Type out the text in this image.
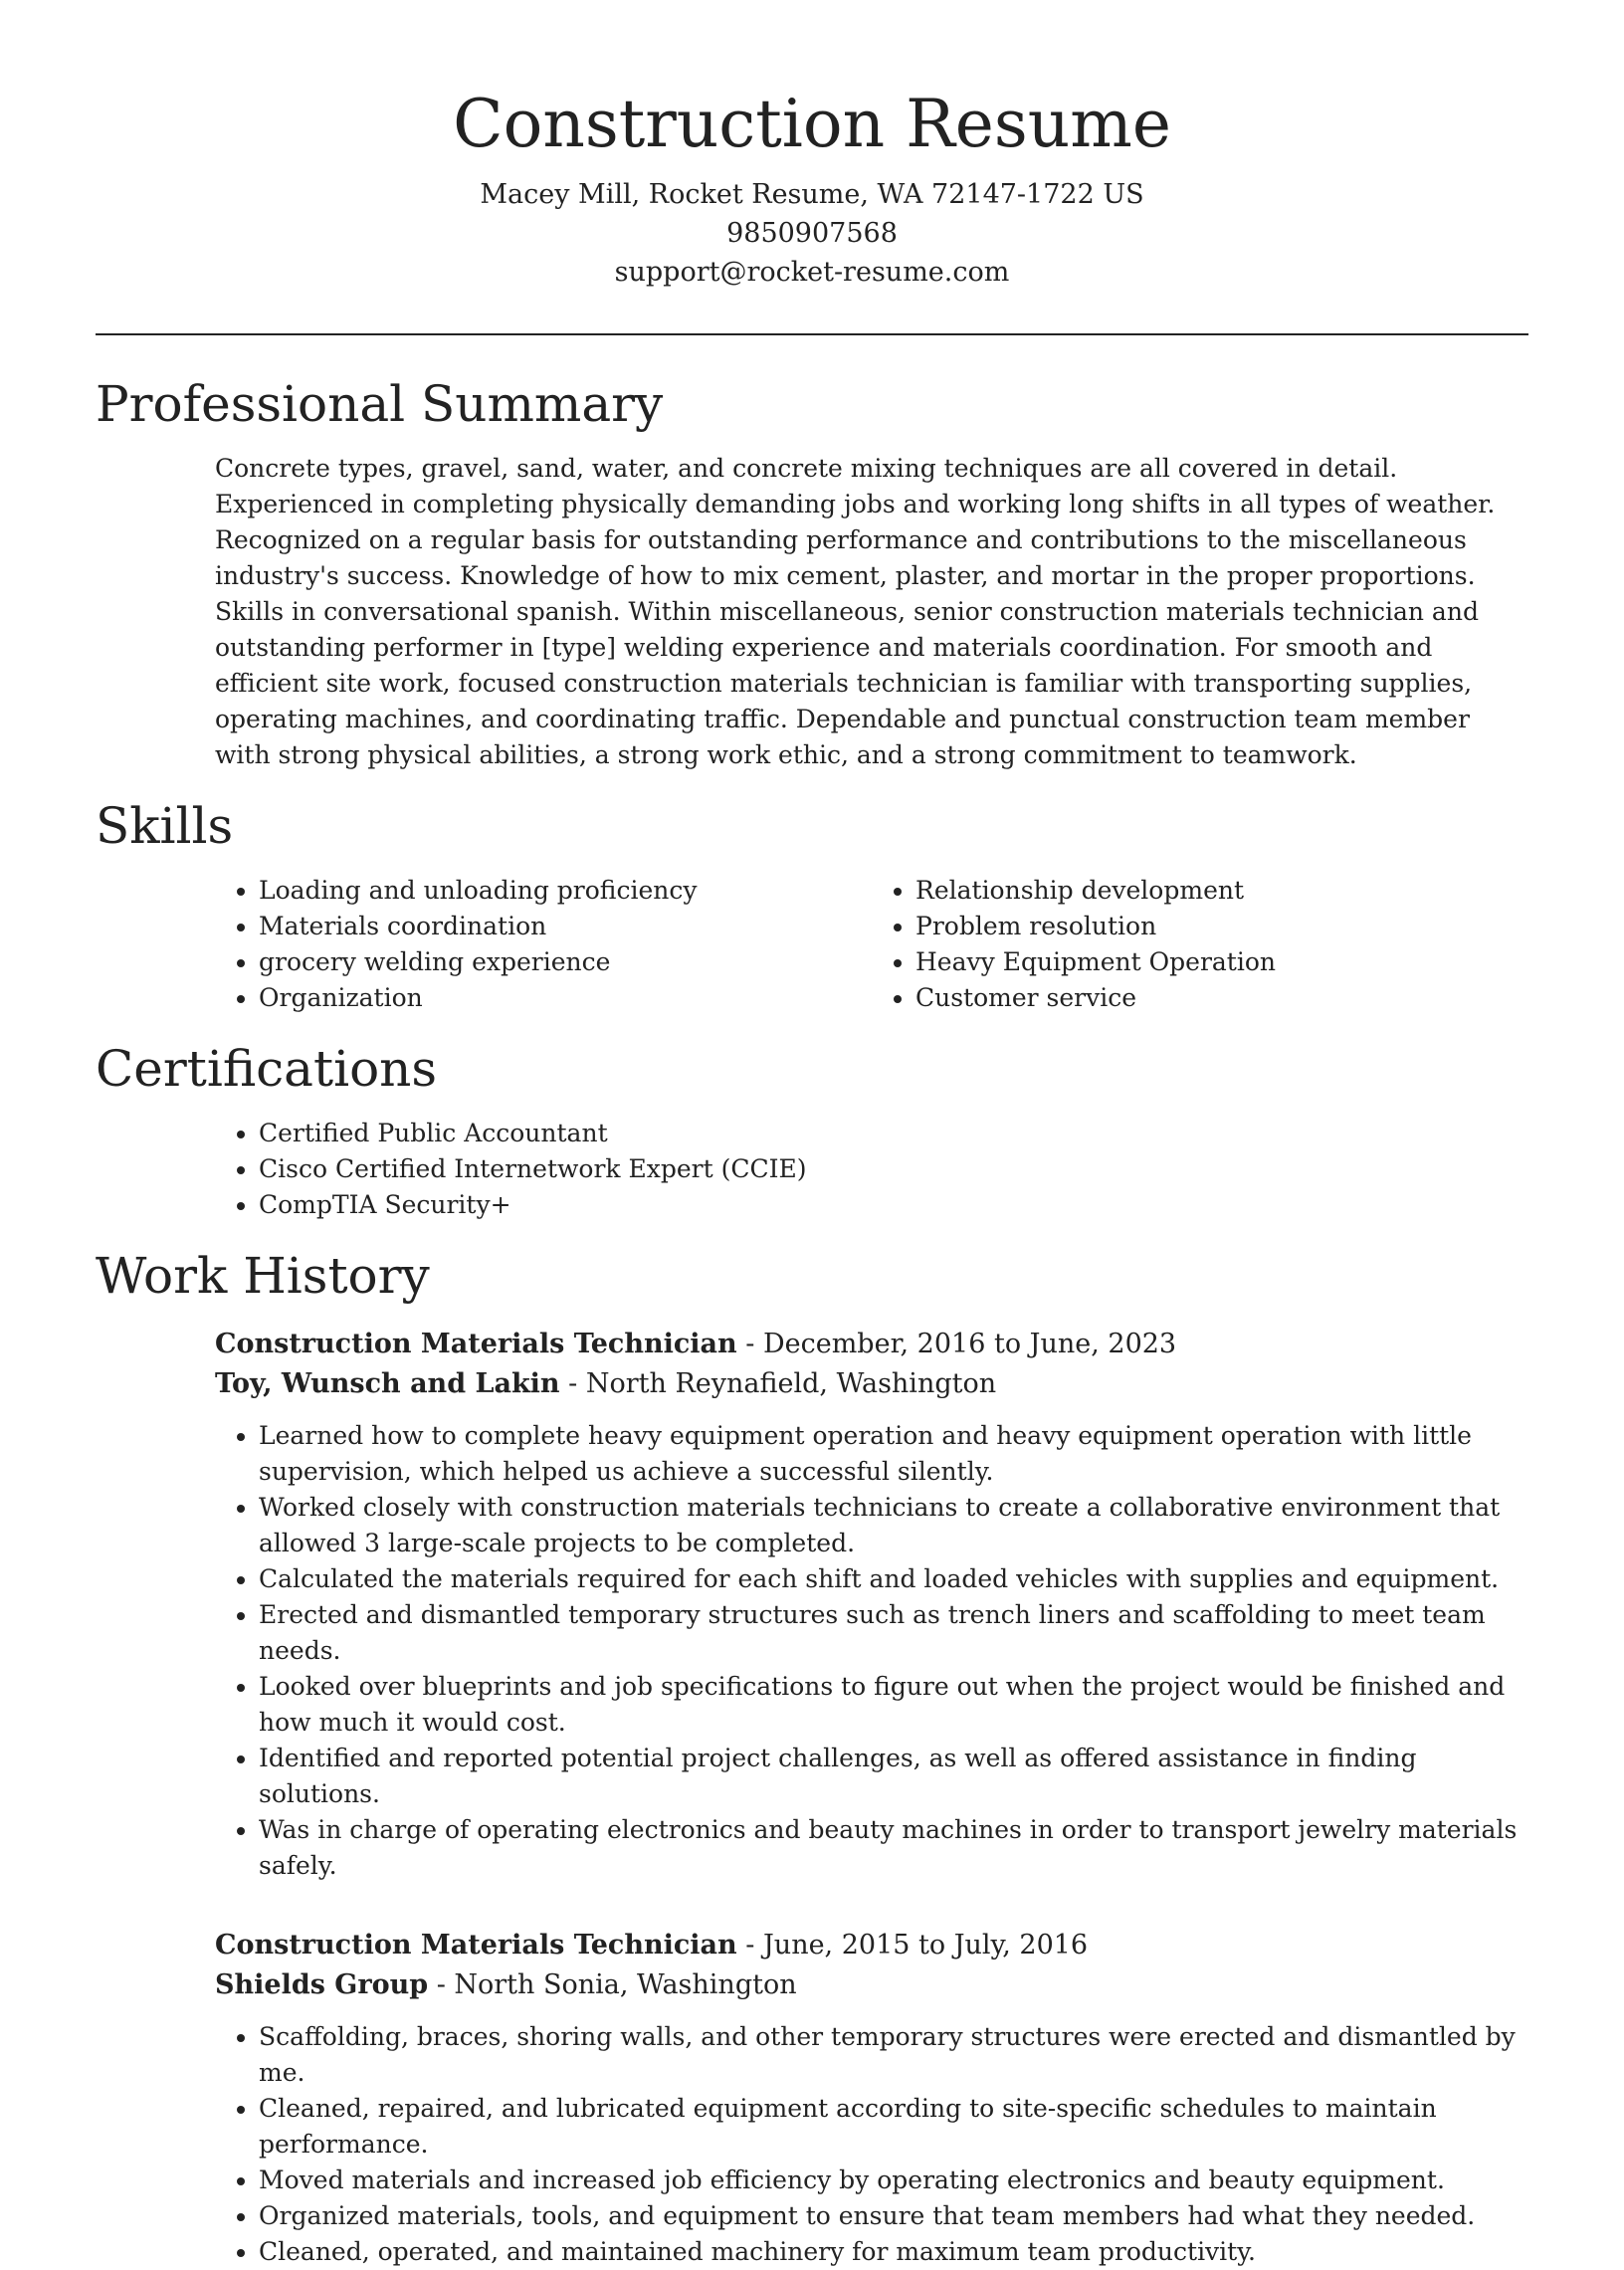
Construction Resume
Macey Mill, Rocket Resume, WA 72147-1722 US
9850907568
support@rocket-resume.com
Professional Summary

Concrete types, gravel, sand, water, and concrete mixing techniques are all covered in detail. Experienced in completing physically demanding jobs and working long shifts in all types of weather. Recognized on a regular basis for outstanding performance and contributions to the miscellaneous industry's success. Knowledge of how to mix cement, plaster, and mortar in the proper proportions. Skills in conversational spanish. Within miscellaneous, senior construction materials technician and outstanding performer in [type] welding experience and materials coordination. For smooth and efficient site work, focused construction materials technician is familiar with transporting supplies, operating machines, and coordinating traffic. Dependable and punctual construction team member with strong physical abilities, a strong work ethic, and a strong commitment to teamwork.

Skills
• Loading and unloading proficiency
• Materials coordination
• grocery welding experience
• Organization
• Relationship development
• Problem resolution
• Heavy Equipment Operation
• Customer service
Certifications
• Certified Public Accountant
• Cisco Certified Internetwork Expert (CCIE)
• CompTIA Security+
Work History
Construction Materials Technician - December, 2016 to June, 2023
Toy, Wunsch and Lakin - North Reynafield, Washington
• Learned how to complete heavy equipment operation and heavy equipment operation with little supervision, which helped us achieve a successful silently.
• Worked closely with construction materials technicians to create a collaborative environment that allowed 3 large-scale projects to be completed.
• Calculated the materials required for each shift and loaded vehicles with supplies and equipment.
• Erected and dismantled temporary structures such as trench liners and scaffolding to meet team needs.
• Looked over blueprints and job specifications to figure out when the project would be finished and how much it would cost.
• Identified and reported potential project challenges, as well as offered assistance in finding solutions.
• Was in charge of operating electronics and beauty machines in order to transport jewelry materials safely.
Construction Materials Technician - June, 2015 to July, 2016
Shields Group - North Sonia, Washington
• Scaffolding, braces, shoring walls, and other temporary structures were erected and dismantled by me.
• Cleaned, repaired, and lubricated equipment according to site-specific schedules to maintain performance.
• Moved materials and increased job efficiency by operating electronics and beauty equipment.
• Organized materials, tools, and equipment to ensure that team members had what they needed.
• Cleaned, operated, and maintained machinery for maximum team productivity.
